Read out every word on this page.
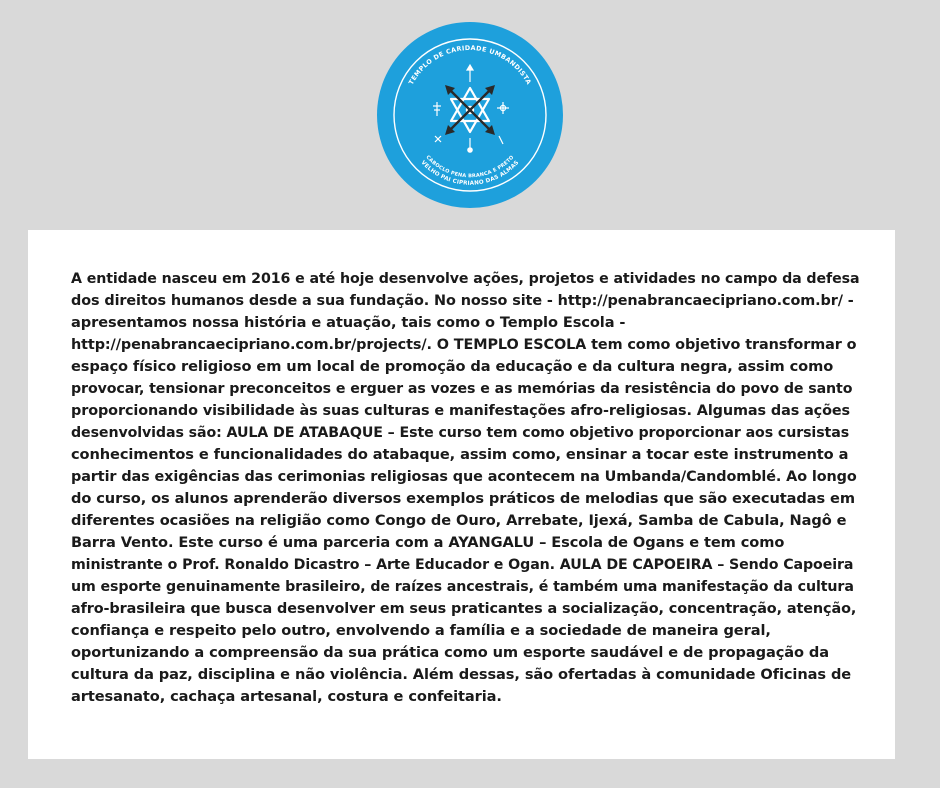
TEMPLO DE CARIDADE UMBANDISTA
CABOCLO PENA BRANCA E PRETO
VELHO PAI CIPRIANO DAS ALMAS

A entidade nasceu em 2016 e até hoje desenvolve ações, projetos e atividades no campo da defesa
dos direitos humanos desde a sua fundação. No nosso site - http://penabrancaecipriano.com.br/ -
apresentamos nossa história e atuação, tais como o Templo Escola -
http://penabrancaecipriano.com.br/projects/. O TEMPLO ESCOLA tem como objetivo transformar o
espaço físico religioso em um local de promoção da educação e da cultura negra, assim como
provocar, tensionar preconceitos e erguer as vozes e as memórias da resistência do povo de santo
proporcionando visibilidade às suas culturas e manifestações afro-religiosas. Algumas das ações
desenvolvidas são: AULA DE ATABAQUE – Este curso tem como objetivo proporcionar aos cursistas
conhecimentos e funcionalidades do atabaque, assim como, ensinar a tocar este instrumento a
partir das exigências das cerimonias religiosas que acontecem na Umbanda/Candomblé. Ao longo
do curso, os alunos aprenderão diversos exemplos práticos de melodias que são executadas em
diferentes ocasiões na religião como Congo de Ouro, Arrebate, Ijexá, Samba de Cabula, Nagô e
Barra Vento. Este curso é uma parceria com a AYANGALU – Escola de Ogans e tem como
ministrante o Prof. Ronaldo Dicastro – Arte Educador e Ogan. AULA DE CAPOEIRA – Sendo Capoeira
um esporte genuinamente brasileiro, de raízes ancestrais, é também uma manifestação da cultura
afro-brasileira que busca desenvolver em seus praticantes a socialização, concentração, atenção,
confiança e respeito pelo outro, envolvendo a família e a sociedade de maneira geral,
oportunizando a compreensão da sua prática como um esporte saudável e de propagação da
cultura da paz, disciplina e não violência. Além dessas, são ofertadas à comunidade Oficinas de
artesanato, cachaça artesanal, costura e confeitaria.
